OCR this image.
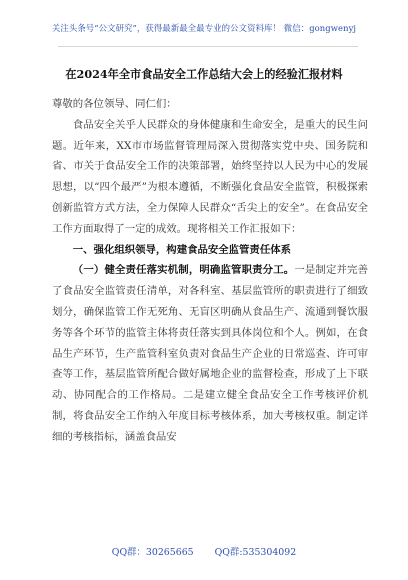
关注头条号“公文研究”，获得最新最全最专业的公文资料库！ 微信：gongwenyj
在2024年全市食品安全工作总结大会上的经验汇报材料

尊敬的各位领导、同仁们：

食品安全关乎人民群众的身体健康和生命安全，是重大的民生问题。近年来，XX市市场监督管理局深入贯彻落实党中央、国务院和省、市关于食品安全工作的决策部署，始终坚持以人民为中心的发展思想，以“四个最严”为根本遵循，不断强化食品安全监管，积极探索创新监管方式方法，全力保障人民群众“舌尖上的安全”。在食品安全工作方面取得了一定的成效。现将相关工作汇报如下：

一、强化组织领导，构建食品安全监管责任体系

（一）健全责任落实机制，明确监管职责分工。一是制定并完善了食品安全监管责任清单，对各科室、基层监管所的职责进行了细致划分，确保监管工作无死角、无盲区明确从食品生产、流通到餐饮服务等各个环节的监管主体将责任落实到具体岗位和个人。例如，在食品生产环节，生产监管科室负责对食品生产企业的日常巡查、许可审查等工作，基层监管所配合做好属地企业的监督检查，形成了上下联动、协同配合的工作格局。二是建立健全食品安全工作考核评价机制，将食品安全工作纳入年度目标考核体系，加大考核权重。制定详细的考核指标，涵盖食品安

QQ群：30265665 QQ群:535304092
